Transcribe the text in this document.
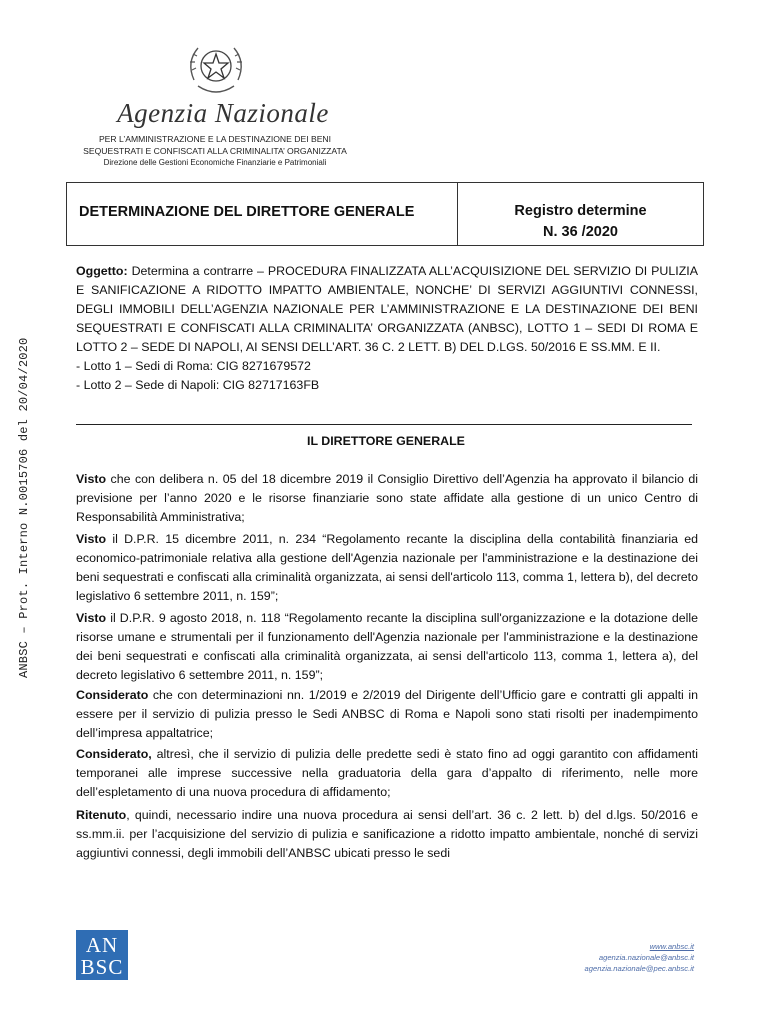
Agenzia Nazionale
PER L’AMMINISTRAZIONE E LA DESTINAZIONE DEI BENI
SEQUESTRATI E CONFISCATI ALLA CRIMINALITA’ ORGANIZZATA
Direzione delle Gestioni Economiche Finanziarie e Patrimoniali
ANBSC – Prot. Interno N.0015706 del 20/04/2020
DETERMINAZIONE DEL DIRETTORE GENERALE	Registro determine
N. 36 /2020
Oggetto: Determina a contrarre – PROCEDURA FINALIZZATA ALL’ACQUISIZIONE DEL SERVIZIO DI PULIZIA E SANIFICAZIONE A RIDOTTO IMPATTO AMBIENTALE, NONCHE’ DI SERVIZI AGGIUNTIVI CONNESSI, DEGLI IMMOBILI DELL’AGENZIA NAZIONALE PER L’AMMINISTRAZIONE E LA DESTINAZIONE DEI BENI SEQUESTRATI E CONFISCATI ALLA CRIMINALITA’ ORGANIZZATA (ANBSC), LOTTO 1 – SEDI DI ROMA E LOTTO 2 – SEDE DI NAPOLI, AI SENSI DELL’ART. 36 C. 2 LETT. B) DEL D.LGS. 50/2016 E SS.MM. E II.
- Lotto 1 – Sedi di Roma: CIG 8271679572
- Lotto 2 – Sede di Napoli: CIG 82717163FB
IL DIRETTORE GENERALE
Visto che con delibera n. 05 del 18 dicembre 2019 il Consiglio Direttivo dell’Agenzia ha approvato il bilancio di previsione per l’anno 2020 e le risorse finanziarie sono state affidate alla gestione di un unico Centro di Responsabilità Amministrativa;
Visto il D.P.R. 15 dicembre 2011, n. 234 “Regolamento recante la disciplina della contabilità finanziaria ed economico-patrimoniale relativa alla gestione dell'Agenzia nazionale per l'amministrazione e la destinazione dei beni sequestrati e confiscati alla criminalità organizzata, ai sensi dell'articolo 113, comma 1, lettera b), del decreto legislativo 6 settembre 2011, n. 159”;
Visto il D.P.R. 9 agosto 2018, n. 118 “Regolamento recante la disciplina sull'organizzazione e la dotazione delle risorse umane e strumentali per il funzionamento dell'Agenzia nazionale per l'amministrazione e la destinazione dei beni sequestrati e confiscati alla criminalità organizzata, ai sensi dell'articolo 113, comma 1, lettera a), del decreto legislativo 6 settembre 2011, n. 159”;
Considerato che con determinazioni nn. 1/2019 e 2/2019 del Dirigente dell’Ufficio gare e contratti gli appalti in essere per il servizio di pulizia presso le Sedi ANBSC di Roma e Napoli sono stati risolti per inadempimento dell’impresa appaltatrice;
Considerato, altresì, che il servizio di pulizia delle predette sedi è stato fino ad oggi garantito con affidamenti temporanei alle imprese successive nella graduatoria della gara d’appalto di riferimento, nelle more dell’espletamento di una nuova procedura di affidamento;
Ritenuto, quindi, necessario indire una nuova procedura ai sensi dell’art. 36 c. 2 lett. b) del d.lgs. 50/2016 e ss.mm.ii. per l’acquisizione del servizio di pulizia e sanificazione a ridotto impatto ambientale, nonché di servizi aggiuntivi connessi, degli immobili dell’ANBSC ubicati presso le sedi
AN
BSC
www.anbsc.it
agenzia.nazionale@anbsc.it
agenzia.nazionale@pec.anbsc.it
